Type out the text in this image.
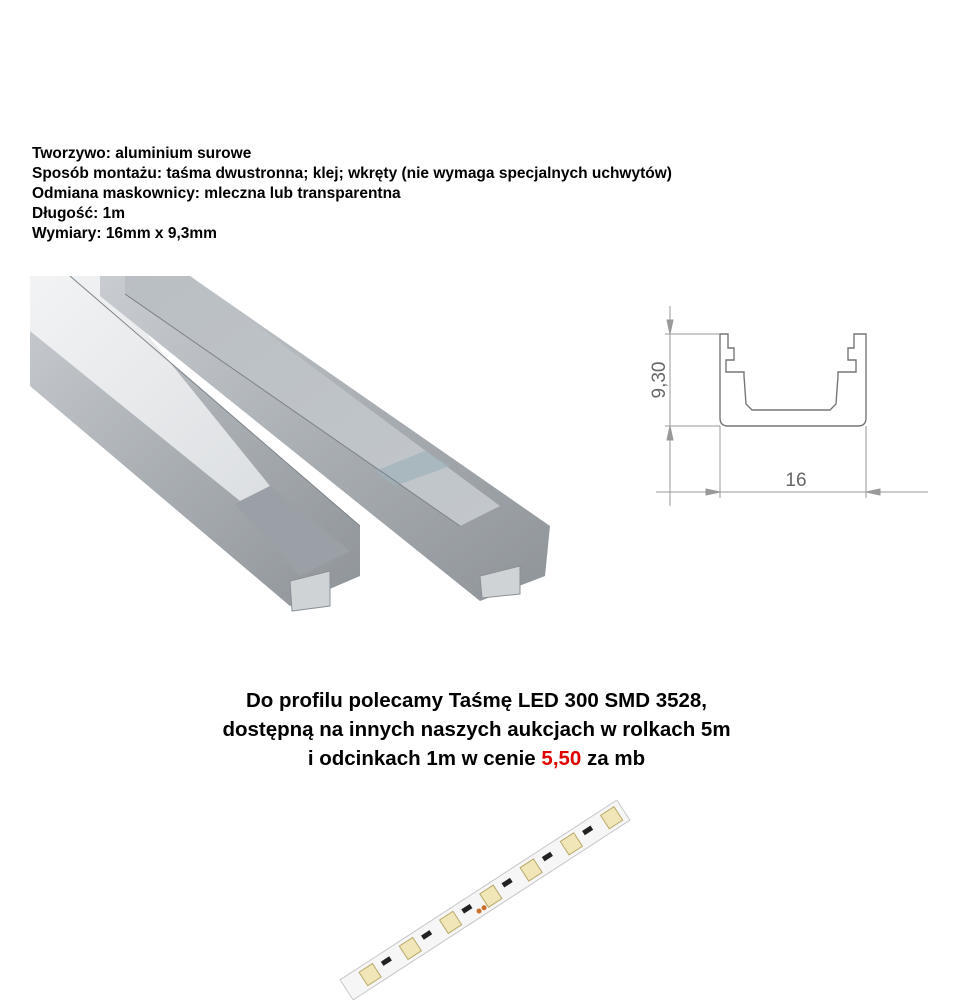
Tworzywo: aluminium surowe
Sposób montażu: taśma dwustronna; klej; wkręty (nie wymaga specjalnych uchwytów)
Odmiana maskownicy: mleczna lub transparentna
Długość: 1m
Wymiary: 16mm x 9,3mm
9,30
16
Do profilu polecamy Taśmę LED 300 SMD 3528,
dostępną na innych naszych aukcjach w rolkach 5m
i odcinkach 1m w cenie 5,50 za mb
